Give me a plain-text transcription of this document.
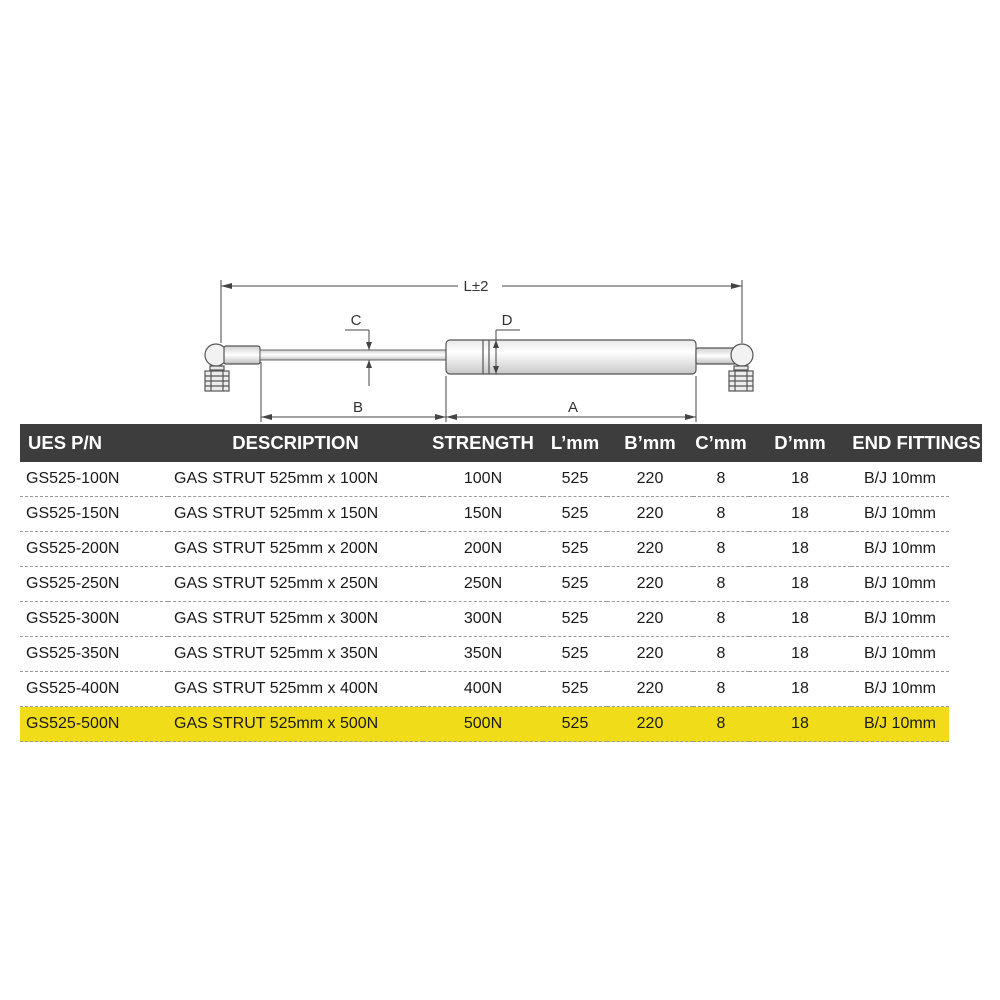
L±2
C	D
B	A
UES P/N	DESCRIPTION	STRENGTH	L’mm	B’mm	C’mm	D’mm	END FITTINGS	
GS525-100N	GAS STRUT 525mm x 100N	100N	525	220	8	18	B/J 10mm	
GS525-150N	GAS STRUT 525mm x 150N	150N	525	220	8	18	B/J 10mm	
GS525-200N	GAS STRUT 525mm x 200N	200N	525	220	8	18	B/J 10mm	
GS525-250N	GAS STRUT 525mm x 250N	250N	525	220	8	18	B/J 10mm	
GS525-300N	GAS STRUT 525mm x 300N	300N	525	220	8	18	B/J 10mm	
GS525-350N	GAS STRUT 525mm x 350N	350N	525	220	8	18	B/J 10mm	
GS525-400N	GAS STRUT 525mm x 400N	400N	525	220	8	18	B/J 10mm	
GS525-500N	GAS STRUT 525mm x 500N	500N	525	220	8	18	B/J 10mm	
